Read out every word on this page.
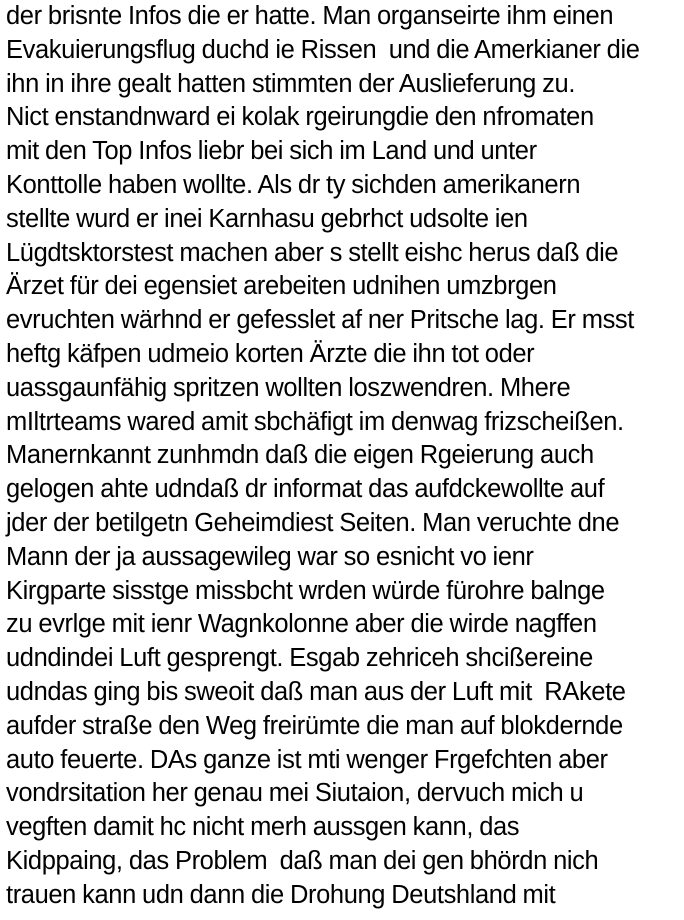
der brisnte Infos die er hatte. Man organseirte ihm einen
Evakuierungsflug duchd ie Rissen  und die Amerkianer die
ihn in ihre gealt hatten stimmten der Auslieferung zu.
Nict enstandnward ei kolak rgeirungdie den nfromaten
mit den Top Infos liebr bei sich im Land und unter
Konttolle haben wollte. Als dr ty sichden amerikanern
stellte wurd er inei Karnhasu gebrhct udsolte ien
Lügdtsktorstest machen aber s stellt eishc herus daß die
Ärzet für dei egensiet arebeiten udnihen umzbrgen
evruchten wärhnd er gefesslet af ner Pritsche lag. Er msst
heftg käfpen udmeio korten Ärzte die ihn tot oder
uassgaunfähig spritzen wollten loszwendren. Mhere
mIltrteams wared amit sbchäfigt im denwag frizscheißen.
Manernkannt zunhmdn daß die eigen Rgeierung auch
gelogen ahte udndaß dr informat das aufdckewollte auf
jder der betilgetn Geheimdiest Seiten. Man veruchte dne
Mann der ja aussagewileg war so esnicht vo ienr
Kirgparte sisstge missbcht wrden würde fürohre balnge
zu evrlge mit ienr Wagnkolonne aber die wirde nagffen
udndindei Luft gesprengt. Esgab zehriceh shcißereine
udndas ging bis sweoit daß man aus der Luft mit  RAkete
aufder straße den Weg freirümte die man auf blokdernde
auto feuerte. DAs ganze ist mti wenger Frgefchten aber
vondrsitation her genau mei Siutaion, dervuch mich u
vegften damit hc nicht merh aussgen kann, das
Kidppaing, das Problem  daß man dei gen bhördn nich
trauen kann udn dann die Drohung Deutshland mit
